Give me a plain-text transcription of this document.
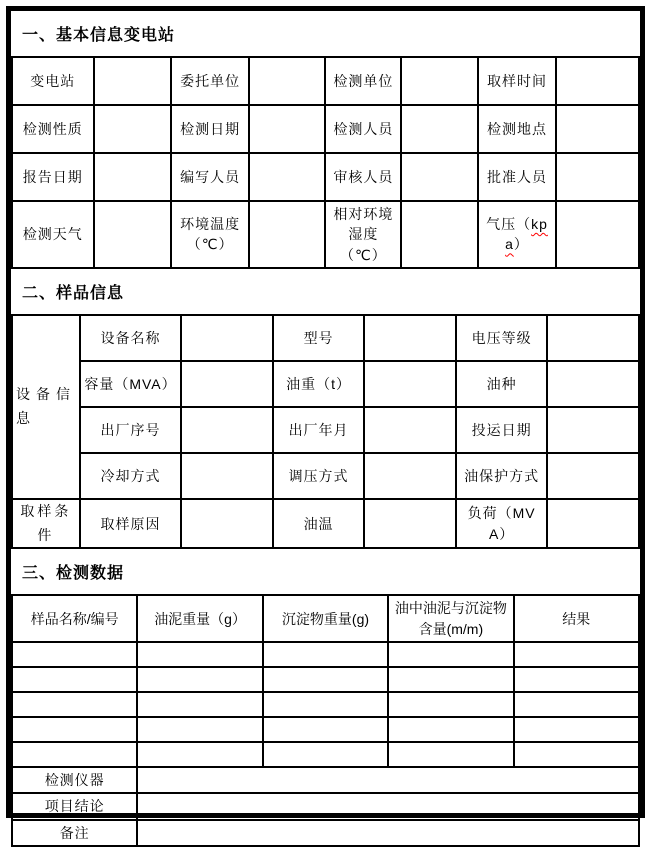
一、基本信息变电站
变电站		委托单位		检测单位		取样时间	
检测性质		检测日期		检测人员		检测地点	
报告日期		编写人员		审核人员		批准人员	
检测天气		环境温度（℃）		相对环境湿度（℃）		气压（kpa）	
二、样品信息
设备信息	设备名称		型号		电压等级	
	容量（MVA）		油重（t）		油种	
	出厂序号		出厂年月		投运日期	
	冷却方式		调压方式		油保护方式	
取样条件	取样原因		油温		负荷（MVA）	
三、检测数据
样品名称/编号	油泥重量（g）	沉淀物重量(g)	油中油泥与沉淀物含量(m/m)	结果

检测仪器				
项目结论				
备注				
